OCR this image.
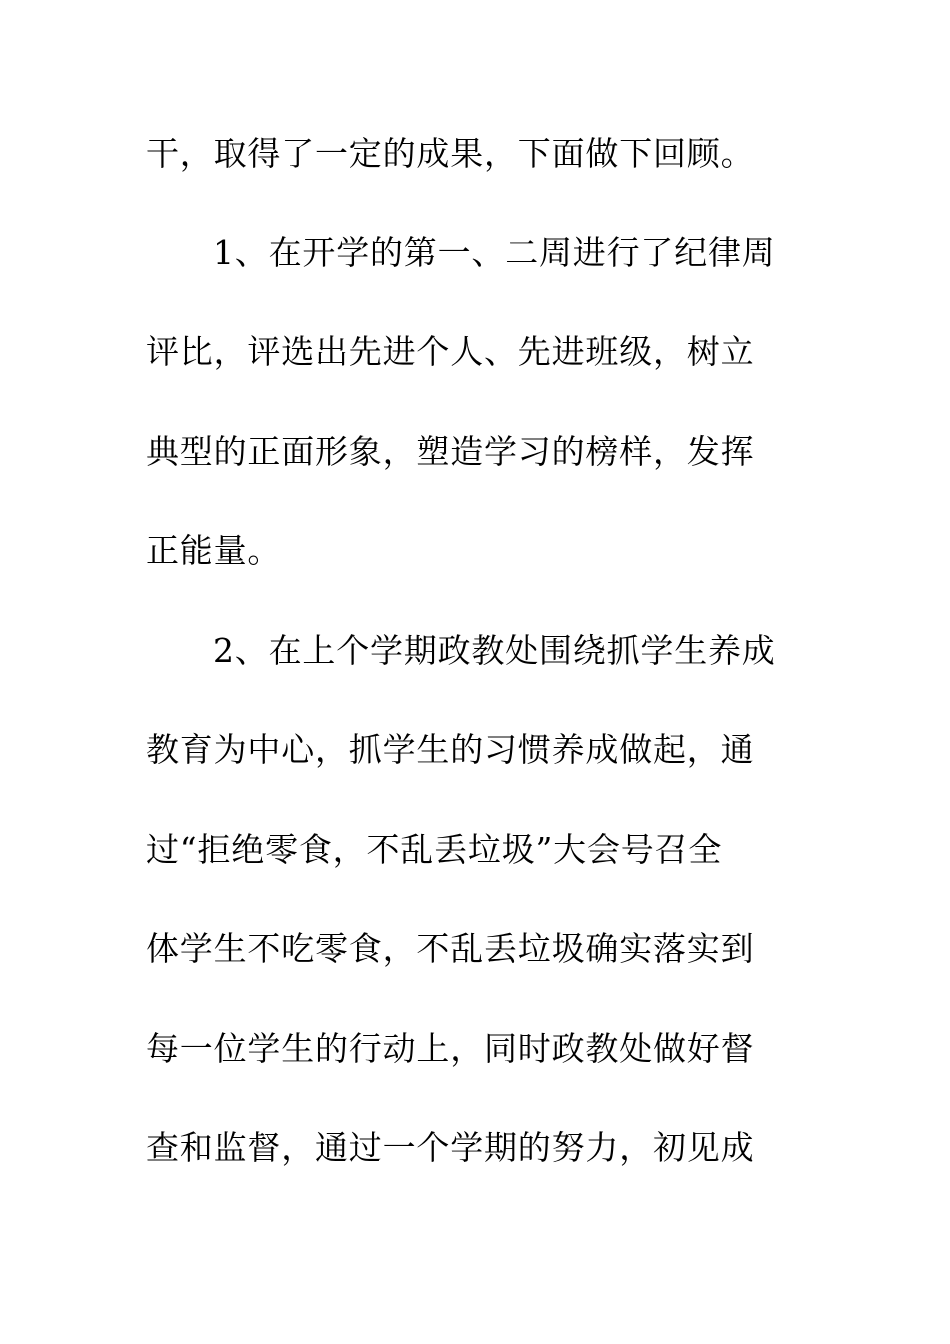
干，取得了一定的成果，下面做下回顾。
1、在开学的第一、二周进行了纪律周
评比，评选出先进个人、先进班级，树立
典型的正面形象，塑造学习的榜样，发挥
正能量。
2、在上个学期政教处围绕抓学生养成
教育为中心，抓学生的习惯养成做起，通
过“拒绝零食，不乱丢垃圾”大会号召全
体学生不吃零食，不乱丢垃圾确实落实到
每一位学生的行动上，同时政教处做好督
查和监督，通过一个学期的努力，初见成
